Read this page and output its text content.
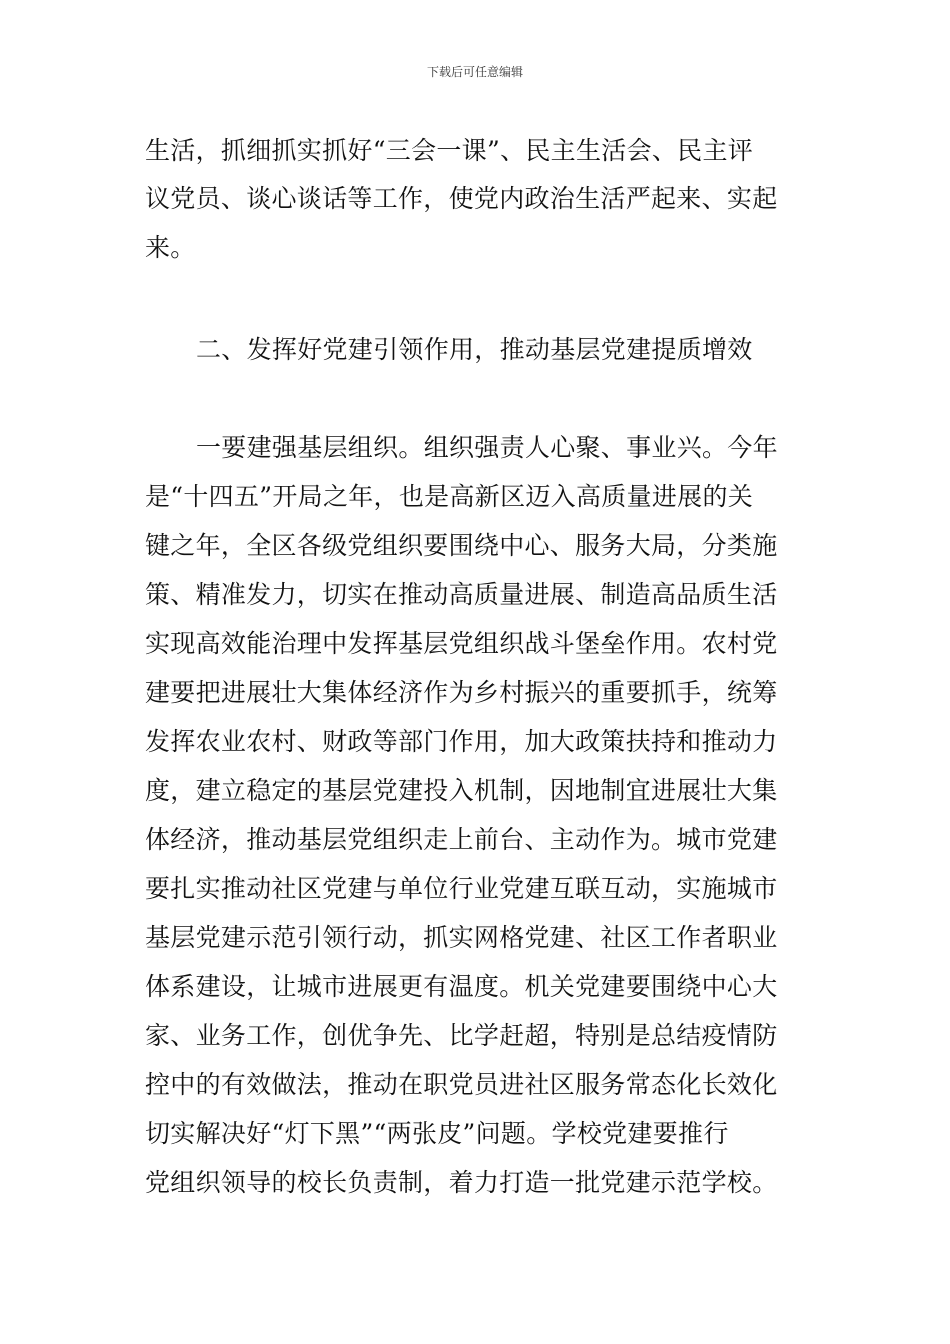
下载后可任意编辑
生活，抓细抓实抓好“三会一课”、民主生活会、民主评
议党员、谈心谈话等工作，使党内政治生活严起来、实起
来。
二、发挥好党建引领作用，推动基层党建提质增效
一要建强基层组织。组织强责人心聚、事业兴。今年
是“十四五”开局之年，也是高新区迈入高质量进展的关
键之年，全区各级党组织要围绕中心、服务大局，分类施
策、精准发力，切实在推动高质量进展、制造高品质生活
实现高效能治理中发挥基层党组织战斗堡垒作用。农村党
建要把进展壮大集体经济作为乡村振兴的重要抓手，统筹
发挥农业农村、财政等部门作用，加大政策扶持和推动力
度，建立稳定的基层党建投入机制，因地制宜进展壮大集
体经济，推动基层党组织走上前台、主动作为。城市党建
要扎实推动社区党建与单位行业党建互联互动，实施城市
基层党建示范引领行动，抓实网格党建、社区工作者职业
体系建设，让城市进展更有温度。机关党建要围绕中心大
家、业务工作，创优争先、比学赶超，特别是总结疫情防
控中的有效做法，推动在职党员进社区服务常态化长效化
切实解决好“灯下黑”“两张皮”问题。学校党建要推行
党组织领导的校长负责制，着力打造一批党建示范学校。
